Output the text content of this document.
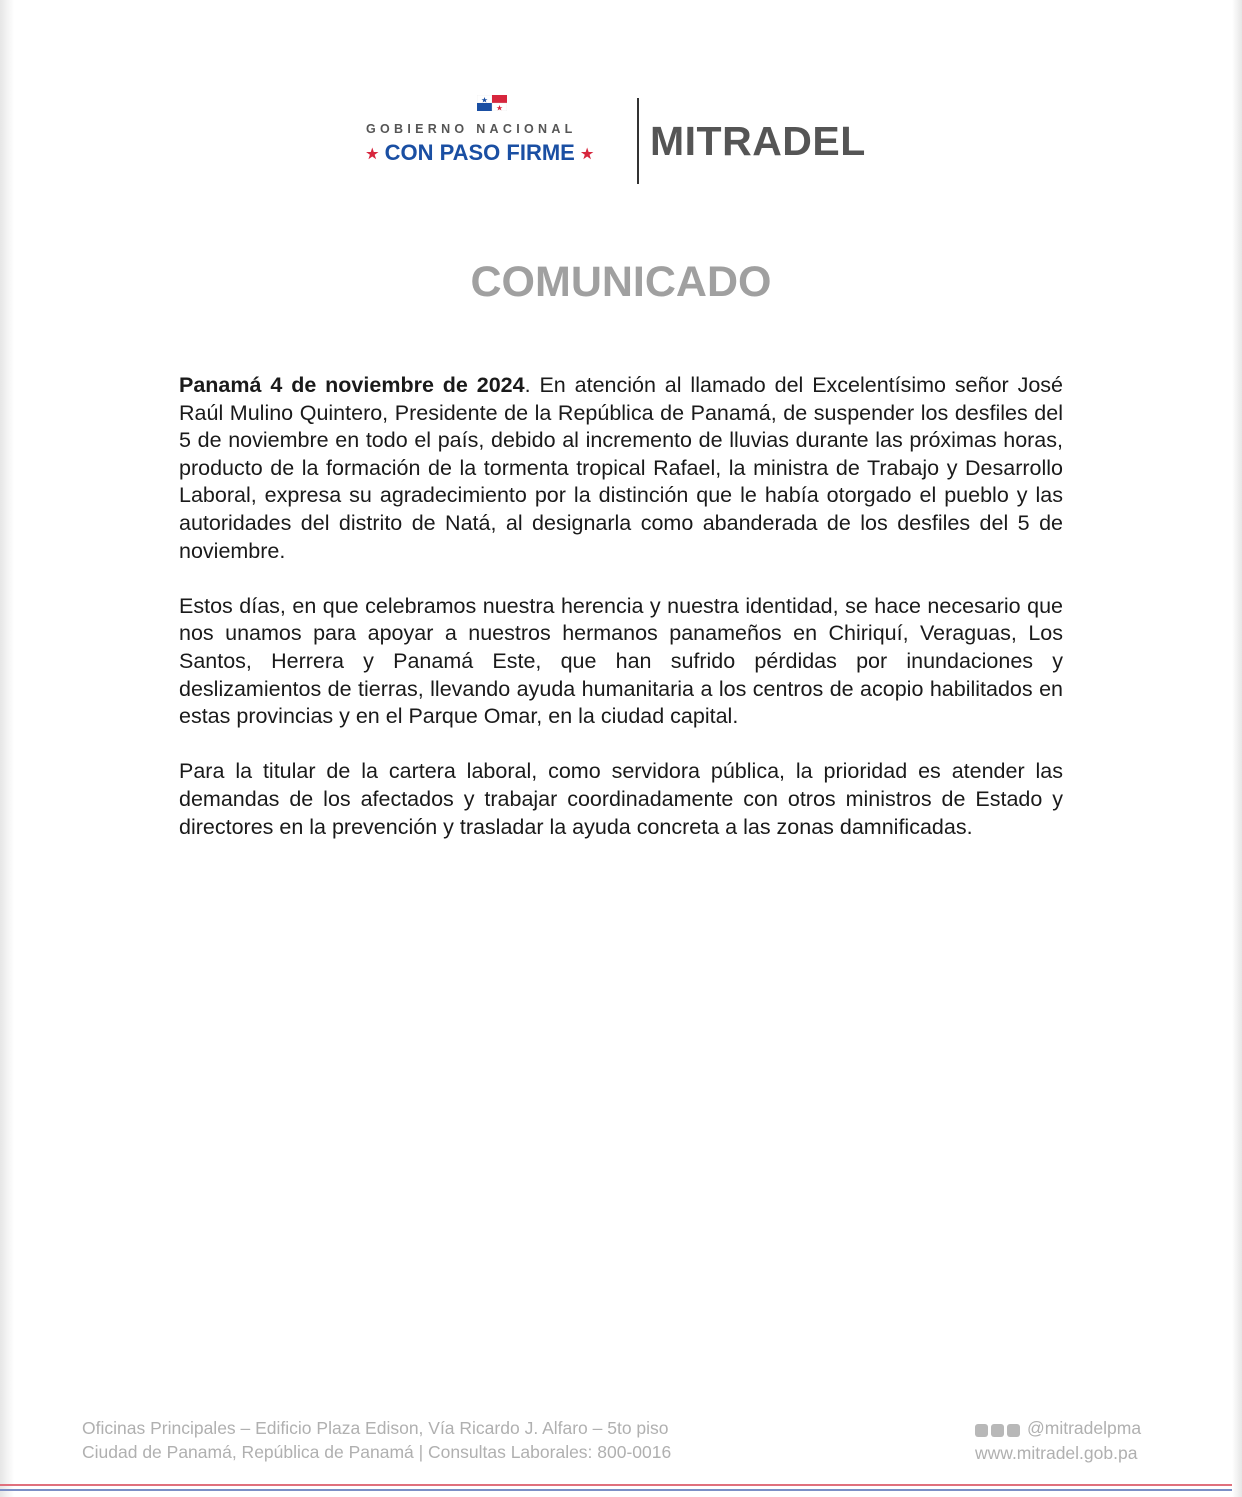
GOBIERNO NACIONAL
★ CON PASO FIRME ★ MITRADEL
COMUNICADO

Panamá 4 de noviembre de 2024. En atención al llamado del Excelentísimo señor José Raúl Mulino Quintero, Presidente de la República de Panamá, de suspender los desfiles del 5 de noviembre en todo el país, debido al incremento de lluvias durante las próximas horas, producto de la formación de la tormenta tropical Rafael, la ministra de Trabajo y Desarrollo Laboral, expresa su agradecimiento por la distinción que le había otorgado el pueblo y las autoridades del distrito de Natá, al designarla como abanderada de los desfiles del 5 de noviembre.

Estos días, en que celebramos nuestra herencia y nuestra identidad, se hace necesario que nos unamos para apoyar a nuestros hermanos panameños en Chiriquí, Veraguas, Los Santos, Herrera y Panamá Este, que han sufrido pérdidas por inundaciones y deslizamientos de tierras, llevando ayuda humanitaria a los centros de acopio habilitados en estas provincias y en el Parque Omar, en la ciudad capital.

Para la titular de la cartera laboral, como servidora pública, la prioridad es atender las demandas de los afectados y trabajar coordinadamente con otros ministros de Estado y directores en la prevención y trasladar la ayuda concreta a las zonas damnificadas.

Oficinas Principales – Edificio Plaza Edison, Vía Ricardo J. Alfaro – 5to piso
Ciudad de Panamá, República de Panamá | Consultas Laborales: 800-0016
@mitradelpma
www.mitradel.gob.pa
